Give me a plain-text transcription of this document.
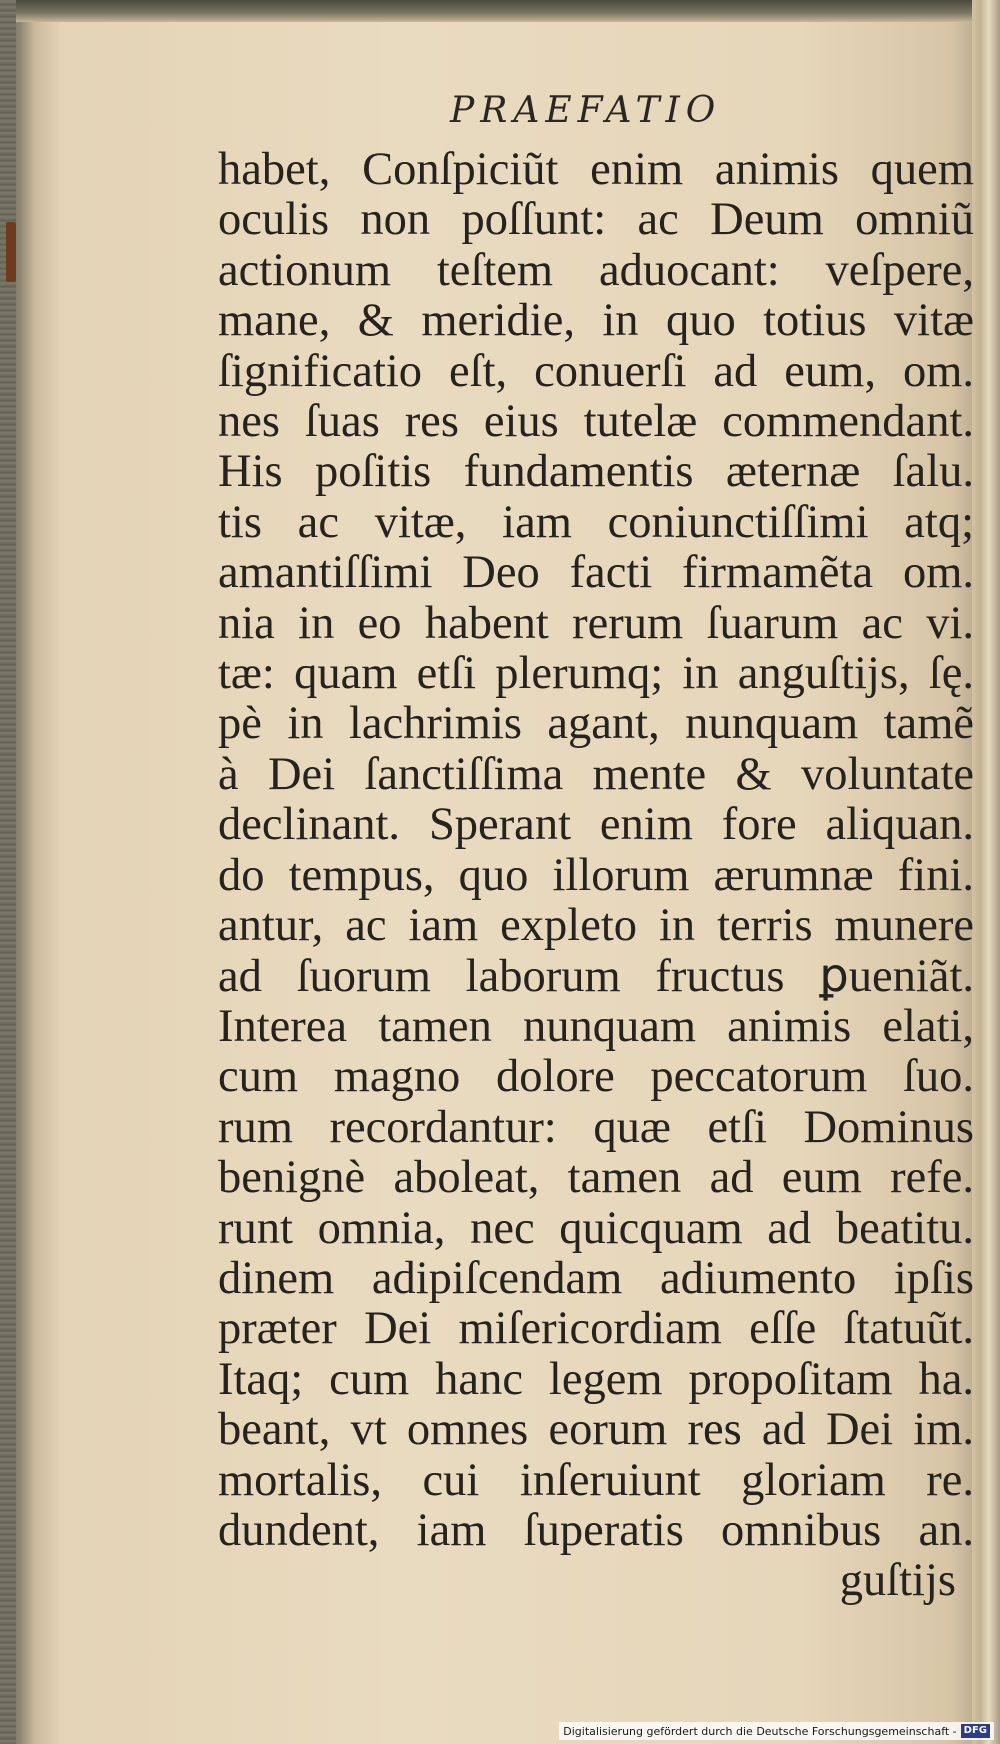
PRAEFATIO
habet, Conſpiciũt enim animis quem
oculis non poſſunt: ac Deum omniũ
actionum teſtem aduocant: veſpere,
mane, & meridie, in quo totius vitæ
ſignificatio eſt, conuerſi ad eum, om.
nes ſuas res eius tutelæ commendant.
His poſitis fundamentis æternæ ſalu.
tis ac vitæ, iam coniunctiſſimi atq;
amantiſſimi Deo facti firmamẽta om.
nia in eo habent rerum ſuarum ac vi.
tæ: quam etſi plerumq; in anguſtijs, ſę.
pè in lachrimis agant, nunquam tamẽ
à Dei ſanctiſſima mente & voluntate
declinant. Sperant enim fore aliquan.
do tempus, quo illorum ærumnæ fini.
antur, ac iam expleto in terris munere
ad ſuorum laborum fructus ꝑueniãt.
Interea tamen nunquam animis elati,
cum magno dolore peccatorum ſuo.
rum recordantur: quæ etſi Dominus
benignè aboleat, tamen ad eum refe.
runt omnia, nec quicquam ad beatitu.
dinem adipiſcendam adiumento ipſis
præter Dei miſericordiam eſſe ſtatuũt.
Itaq; cum hanc legem propoſitam ha.
beant, vt omnes eorum res ad Dei im.
mortalis, cui inſeruiunt gloriam re.
dundent, iam ſuperatis omnibus an.
guſtijs
Digitalisierung gefördert durch die Deutsche Forschungsgemeinschaft - DFG
